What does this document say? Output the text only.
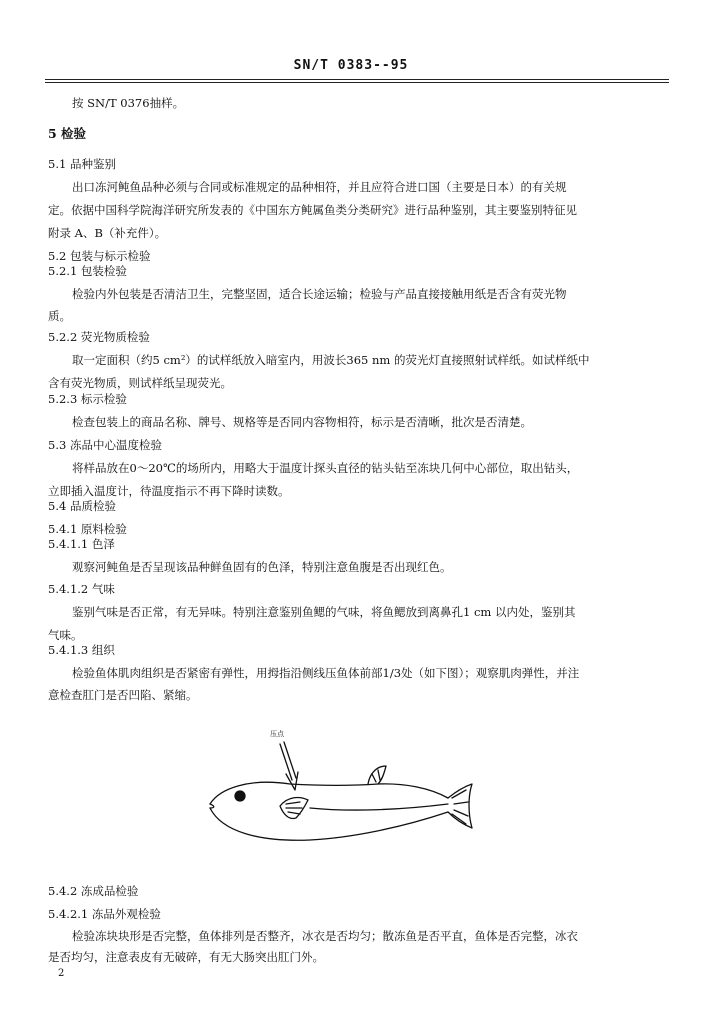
SN/T 0383--95
按 SN/T 0376抽样。
5 检验
5.1 品种鉴别
出口冻河鲀鱼品种必须与合同或标准规定的品种相符，并且应符合进口国（主要是日本）的有关规
定。依据中国科学院海洋研究所发表的《中国东方鲀属鱼类分类研究》进行品种鉴别，其主要鉴别特征见
附录 A、B（补充件）。
5.2 包装与标示检验
5.2.1 包装检验
检验内外包装是否清洁卫生，完整坚固，适合长途运输；检验与产品直接接触用纸是否含有荧光物
质。
5.2.2 荧光物质检验
取一定面积（约5 cm²）的试样纸放入暗室内，用波长365 nm 的荧光灯直接照射试样纸。如试样纸中
含有荧光物质，则试样纸呈现荧光。
5.2.3 标示检验
检查包装上的商品名称、牌号、规格等是否同内容物相符，标示是否清晰，批次是否清楚。
5.3 冻品中心温度检验
将样品放在0～20℃的场所内，用略大于温度计探头直径的钻头钻至冻块几何中心部位，取出钻头，
立即插入温度计，待温度指示不再下降时读数。
5.4 品质检验
5.4.1 原料检验
5.4.1.1 色泽
观察河鲀鱼是否呈现该品种鲜鱼固有的色泽，特别注意鱼腹是否出现红色。
5.4.1.2 气味
鉴别气味是否正常，有无异味。特别注意鉴别鱼鳃的气味，将鱼鳃放到离鼻孔1 cm 以内处，鉴别其
气味。
5.4.1.3 组织
检验鱼体肌肉组织是否紧密有弹性，用拇指沿侧线压鱼体前部1/3处（如下图）；观察肌肉弹性，并注
意检查肛门是否凹陷、紧缩。
压点
5.4.2 冻成品检验
5.4.2.1 冻品外观检验
检验冻块块形是否完整，鱼体排列是否整齐，冰衣是否均匀；散冻鱼是否平直，鱼体是否完整，冰衣
是否均匀，注意表皮有无破碎，有无大肠突出肛门外。
2
